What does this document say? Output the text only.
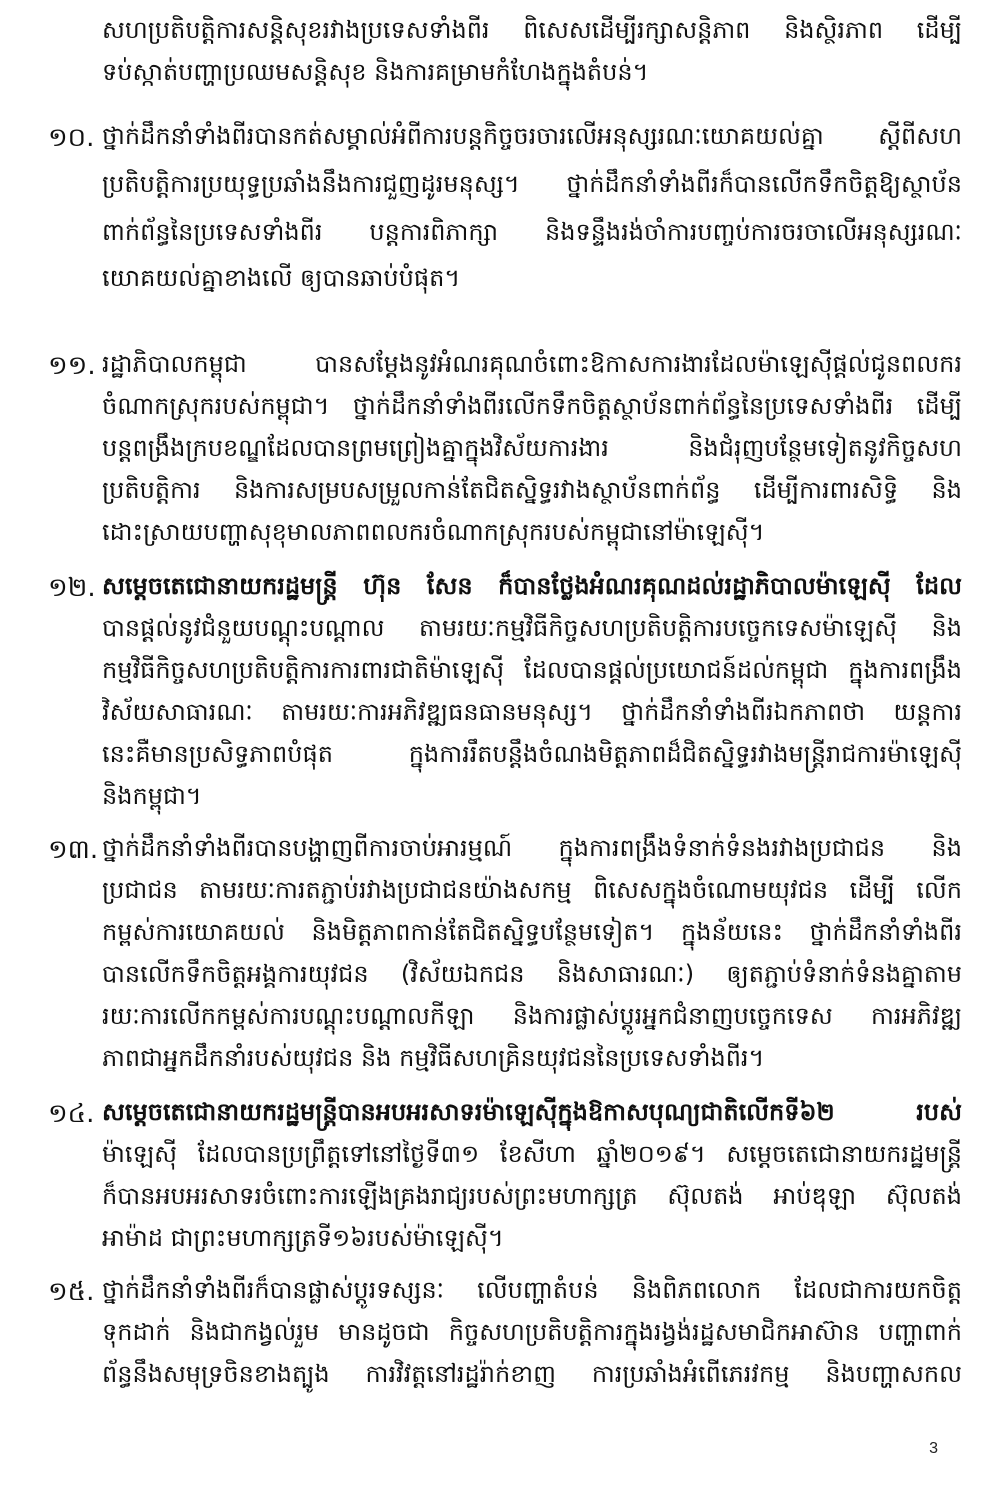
សហប្រតិបត្តិការសន្តិសុខរវាងប្រទេសទាំងពីរ ពិសេសដើម្បីរក្សាសន្តិភាព និងស្ថិរភាព ដើម្បី
ទប់ស្កាត់បញ្ហាប្រឈមសន្តិសុខ និងការគម្រាមកំហែងក្នុងតំបន់។
១០. ថ្នាក់ដឹកនាំទាំងពីរបានកត់សម្គាល់អំពីការបន្តកិច្ចចរចារលើអនុស្សរណៈយោគយល់គ្នា ស្តីពីសហ
ប្រតិបត្តិការប្រយុទ្ធប្រឆាំងនឹងការជួញដូរមនុស្ស។ ថ្នាក់ដឹកនាំទាំងពីរក៏បានលើកទឹកចិត្តឱ្យស្ថាប័ន
ពាក់ព័ន្ធនៃប្រទេសទាំងពីរ បន្តការពិភាក្សា និងទន្ទឹងរង់ចាំការបញ្ចប់ការចរចាលើអនុស្សរណៈ
យោគយល់គ្នាខាងលើ ឲ្យបានឆាប់បំផុត។
១១. រដ្ឋាភិបាលកម្ពុជា បានសម្តែងនូវអំណរគុណចំពោះឱកាសការងារដែលម៉ាឡេស៊ីផ្តល់ជូនពលករ
ចំណាកស្រុករបស់កម្ពុជា។ ថ្នាក់ដឹកនាំទាំងពីរលើកទឹកចិត្តស្ថាប័នពាក់ព័ន្ធនៃប្រទេសទាំងពីរ ដើម្បី
បន្តពង្រឹងក្របខណ្ឌដែលបានព្រមព្រៀងគ្នាក្នុងវិស័យការងារ និងជំរុញបន្ថែមទៀតនូវកិច្ចសហ
ប្រតិបត្តិការ និងការសម្របសម្រួលកាន់តែជិតស្និទ្ធរវាងស្ថាប័នពាក់ព័ន្ធ ដើម្បីការពារសិទ្ធិ និង
ដោះស្រាយបញ្ហាសុខុមាលភាពពលករចំណាកស្រុករបស់កម្ពុជានៅម៉ាឡេស៊ី។
១២. សម្តេចតេជោនាយករដ្ឋមន្រ្តី ហ៊ុន សែន ក៏បានថ្លែងអំណរគុណដល់រដ្ឋាភិបាលម៉ាឡេស៊ី ដែល
បានផ្តល់នូវជំនួយបណ្តុះបណ្តាល តាមរយៈកម្មវិធីកិច្ចសហប្រតិបត្តិការបច្ចេកទេសម៉ាឡេស៊ី និង
កម្មវិធីកិច្ចសហប្រតិបត្តិការការពារជាតិម៉ាឡេស៊ី ដែលបានផ្តល់ប្រយោជន៍ដល់កម្ពុជា ក្នុងការពង្រឹង
វិស័យសាធារណៈ តាមរយៈការអភិវឌ្ឍធនធានមនុស្ស។ ថ្នាក់ដឹកនាំទាំងពីរឯកភាពថា យន្តការ
នេះគឺមានប្រសិទ្ធភាពបំផុត ក្នុងការរឹតបន្តឹងចំណងមិត្តភាពដ៏ជិតស្និទ្ធរវាងមន្រ្តីរាជការម៉ាឡេស៊ី
និងកម្ពុជា។
១៣. ថ្នាក់ដឹកនាំទាំងពីរបានបង្ហាញពីការចាប់អារម្មណ៍ ក្នុងការពង្រឹងទំនាក់ទំនងរវាងប្រជាជន និង
ប្រជាជន តាមរយៈការតភ្ជាប់រវាងប្រជាជនយ៉ាងសកម្ម ពិសេសក្នុងចំណោមយុវជន ដើម្បី លើក
កម្ពស់ការយោគយល់ និងមិត្តភាពកាន់តែជិតស្និទ្ធបន្ថែមទៀត។ ក្នុងន័យនេះ ថ្នាក់ដឹកនាំទាំងពីរ
បានលើកទឹកចិត្តអង្គការយុវជន (វិស័យឯកជន និងសាធារណៈ) ឲ្យតភ្ជាប់ទំនាក់ទំនងគ្នាតាម
រយៈការលើកកម្ពស់ការបណ្តុះបណ្តាលកីឡា និងការផ្លាស់ប្តូរអ្នកជំនាញបច្ចេកទេស ការអភិវឌ្ឍ
ភាពជាអ្នកដឹកនាំរបស់យុវជន និង កម្មវិធីសហគ្រិនយុវជននៃប្រទេសទាំងពីរ។
១៤. សម្តេចតេជោនាយករដ្ឋមន្រ្តីបានអបអរសាទរម៉ាឡេស៊ីក្នុងឱកាសបុណ្យជាតិលើកទី៦២ របស់
ម៉ាឡេស៊ី ដែលបានប្រព្រឹត្តទៅនៅថ្ងៃទី៣១ ខែសីហា ឆ្នាំ២០១៩។ សម្តេចតេជោនាយករដ្ឋមន្រ្តី
ក៏បានអបអរសាទរចំពោះការឡើងគ្រងរាជ្យរបស់ព្រះមហាក្សត្រ ស៊ុលតង់ អាប់ឌុឡា ស៊ុលតង់
អាម៉ាដ ជាព្រះមហាក្សត្រទី១៦របស់ម៉ាឡេស៊ី។
១៥. ថ្នាក់ដឹកនាំទាំងពីរក៏បានផ្លាស់ប្តូរទស្សនៈ លើបញ្ហាតំបន់ និងពិភពលោក ដែលជាការយកចិត្ត
ទុកដាក់ និងជាកង្វល់រួម មានដូចជា កិច្ចសហប្រតិបត្តិការក្នុងរង្វង់រដ្ឋសមាជិកអាស៊ាន បញ្ហាពាក់
ព័ន្ធនឹងសមុទ្រចិនខាងត្បូង ការវិវត្តនៅរដ្ឋរ៉ាក់ខាញ ការប្រឆាំងអំពើភេរវកម្ម និងបញ្ហាសកល
3
